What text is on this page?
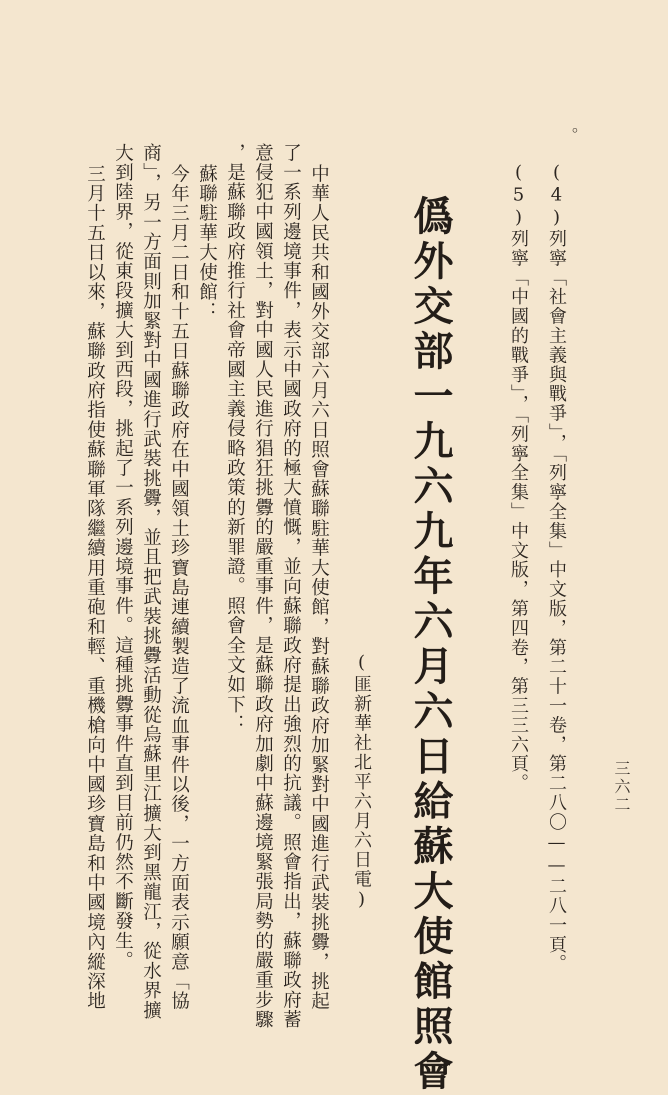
三六二
。
(4)列寧「社會主義與戰爭」，「列寧全集」中文版，第二十一卷，第二八〇——二八一頁。
(5)列寧「中國的戰爭」，「列寧全集」中文版，第四卷，第三三六頁。
僞外交部一九六九年六月六日給蘇大使館照會
(匪新華社北平六月六日電)
中華人民共和國外交部六月六日照會蘇聯駐華大使館，對蘇聯政府加緊對中國進行武裝挑釁，挑起
了一系列邊境事件，表示中國政府的極大憤慨，並向蘇聯政府提出強烈的抗議。照會指出，蘇聯政府蓄
意侵犯中國領土，對中國人民進行猖狂挑釁的嚴重事件，是蘇聯政府加劇中蘇邊境緊張局勢的嚴重步驟
，是蘇聯政府推行社會帝國主義侵略政策的新罪證。照會全文如下：
蘇聯駐華大使館：
今年三月二日和十五日蘇聯政府在中國領土珍寶島連續製造了流血事件以後，一方面表示願意「協
商」，另一方面則加緊對中國進行武裝挑釁，並且把武裝挑釁活動從烏蘇里江擴大到黑龍江，從水界擴
大到陸界，從東段擴大到西段，挑起了一系列邊境事件。這種挑釁事件直到目前仍然不斷發生。
三月十五日以來，蘇聯政府指使蘇聯軍隊繼續用重砲和輕、重機槍向中國珍寶島和中國境內縱深地
